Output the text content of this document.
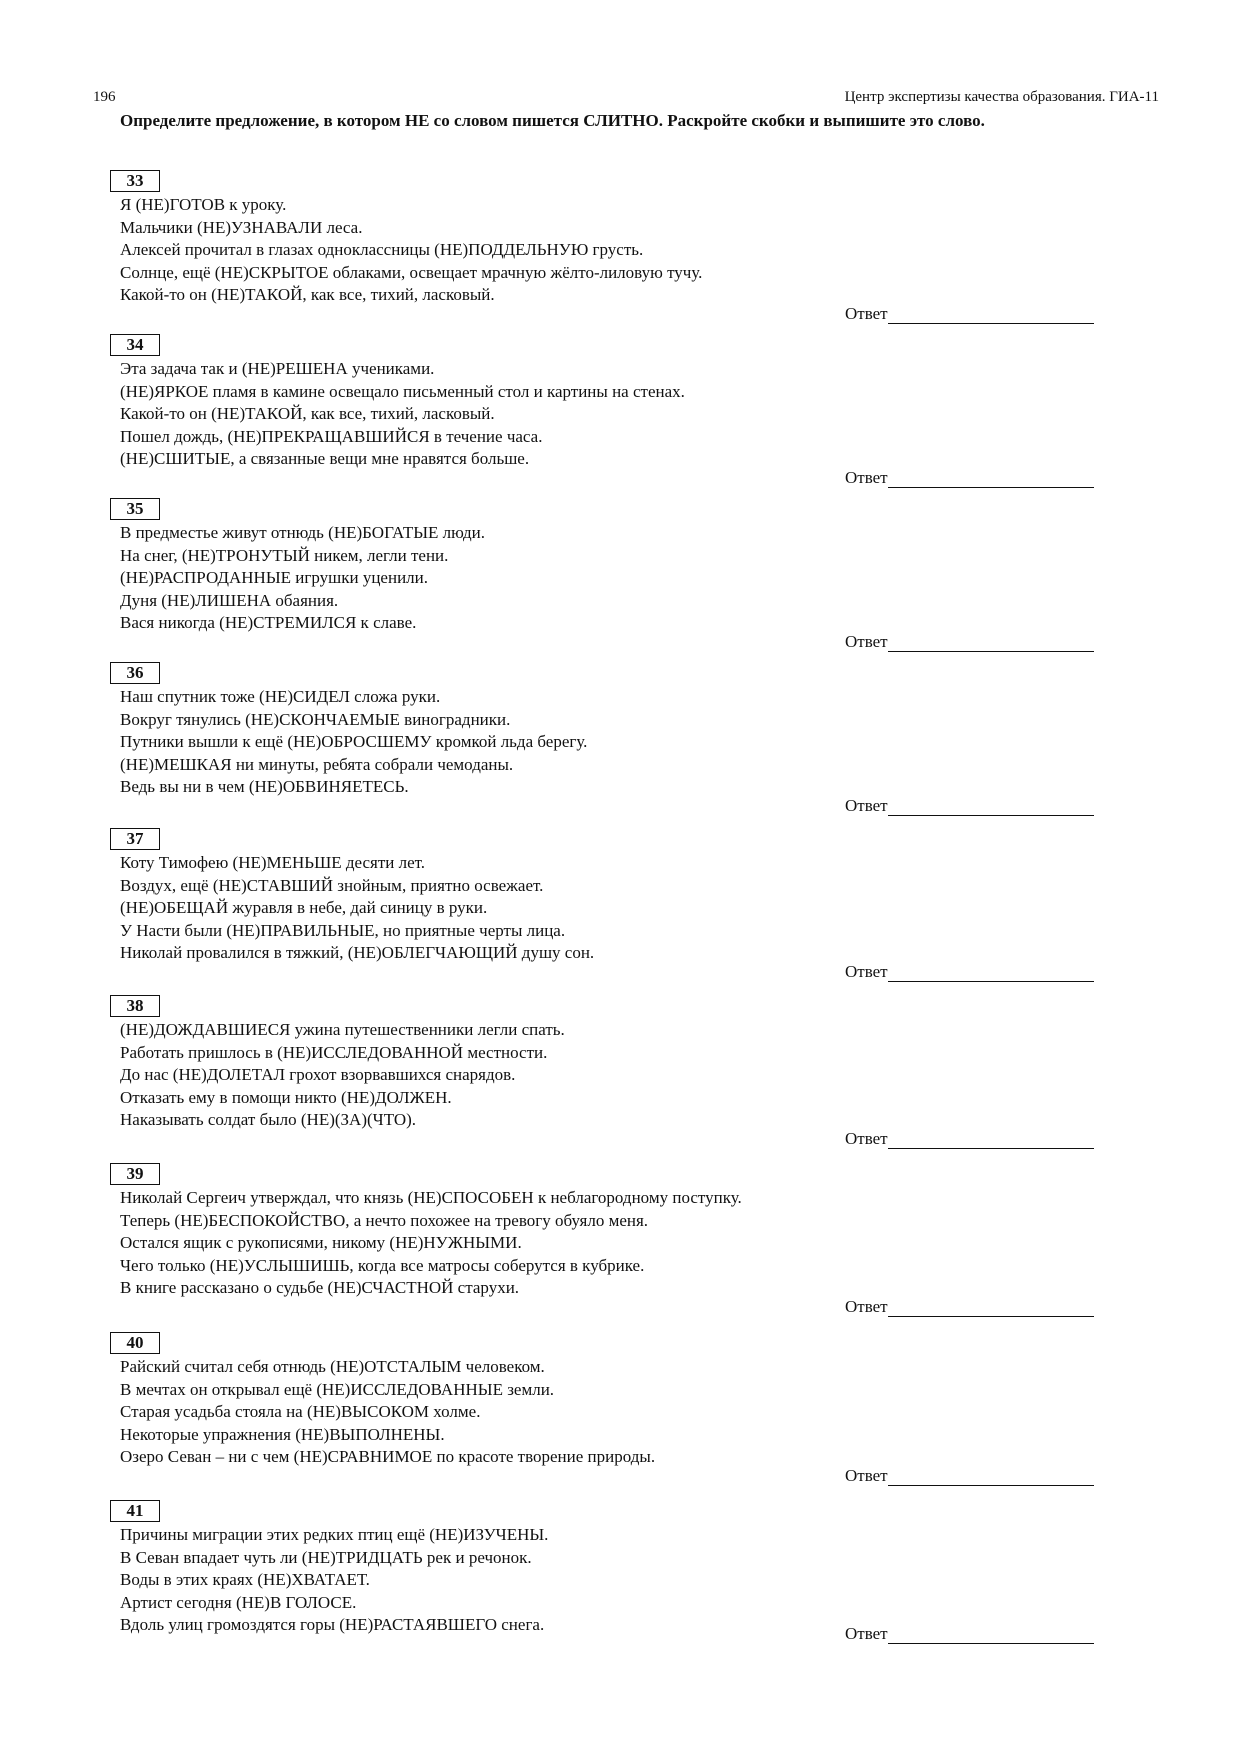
196	Центр экспертизы качества образования. ГИА-11
Определите предложение, в котором НЕ со словом пишется СЛИТНО. Раскройте скобки и выпишите это слово.
33
Я (НЕ)ГОТОВ к уроку.
Мальчики (НЕ)УЗНАВАЛИ леса.
Алексей прочитал в глазах одноклассницы (НЕ)ПОДДЕЛЬНУЮ грусть.
Солнце, ещё (НЕ)СКРЫТОЕ облаками, освещает мрачную жёлто-лиловую тучу.
Какой-то он (НЕ)ТАКОЙ, как все, тихий, ласковый.
Ответ
34
Эта задача так и (НЕ)РЕШЕНА учениками.
(НЕ)ЯРКОЕ пламя в камине освещало письменный стол и картины на стенах.
Какой-то он (НЕ)ТАКОЙ, как все, тихий, ласковый.
Пошел дождь, (НЕ)ПРЕКРАЩАВШИЙСЯ в течение часа.
(НЕ)СШИТЫЕ, а связанные вещи мне нравятся больше.
Ответ
35
В предместье живут отнюдь (НЕ)БОГАТЫЕ люди.
На снег, (НЕ)ТРОНУТЫЙ никем, легли тени.
(НЕ)РАСПРОДАННЫЕ игрушки уценили.
Дуня (НЕ)ЛИШЕНА обаяния.
Вася никогда (НЕ)СТРЕМИЛСЯ к славе.
Ответ
36
Наш спутник тоже (НЕ)СИДЕЛ сложа руки.
Вокруг тянулись (НЕ)СКОНЧАЕМЫЕ виноградники.
Путники вышли к ещё (НЕ)ОБРОСШЕМУ кромкой льда берегу.
(НЕ)МЕШКАЯ ни минуты, ребята собрали чемоданы.
Ведь вы ни в чем (НЕ)ОБВИНЯЕТЕСЬ.
Ответ
37
Коту Тимофею (НЕ)МЕНЬШЕ десяти лет.
Воздух, ещё (НЕ)СТАВШИЙ знойным, приятно освежает.
(НЕ)ОБЕЩАЙ журавля в небе, дай синицу в руки.
У Насти были (НЕ)ПРАВИЛЬНЫЕ, но приятные черты лица.
Николай провалился в тяжкий, (НЕ)ОБЛЕГЧАЮЩИЙ душу сон.
Ответ
38
(НЕ)ДОЖДАВШИЕСЯ ужина путешественники легли спать.
Работать пришлось в (НЕ)ИССЛЕДОВАННОЙ местности.
До нас (НЕ)ДОЛЕТАЛ грохот взорвавшихся снарядов.
Отказать ему в помощи никто (НЕ)ДОЛЖЕН.
Наказывать солдат было (НЕ)(ЗА)(ЧТО).
Ответ
39
Николай Сергеич утверждал, что князь (НЕ)СПОСОБЕН к неблагородному поступку.
Теперь (НЕ)БЕСПОКОЙСТВО, а нечто похожее на тревогу обуяло меня.
Остался ящик с рукописями, никому (НЕ)НУЖНЫМИ.
Чего только (НЕ)УСЛЫШИШЬ, когда все матросы соберутся в кубрике.
В книге рассказано о судьбе (НЕ)СЧАСТНОЙ старухи.
Ответ
40
Райский считал себя отнюдь (НЕ)ОТСТАЛЫМ человеком.
В мечтах он открывал ещё (НЕ)ИССЛЕДОВАННЫЕ земли.
Старая усадьба стояла на (НЕ)ВЫСОКОМ холме.
Некоторые упражнения (НЕ)ВЫПОЛНЕНЫ.
Озеро Севан – ни с чем (НЕ)СРАВНИМОЕ по красоте творение природы.
Ответ
41
Причины миграции этих редких птиц ещё (НЕ)ИЗУЧЕНЫ.
В Севан впадает чуть ли (НЕ)ТРИДЦАТЬ рек и речонок.
Воды в этих краях (НЕ)ХВАТАЕТ.
Артист сегодня (НЕ)В ГОЛОСЕ.
Вдоль улиц громоздятся горы (НЕ)РАСТАЯВШЕГО снега.	Ответ
